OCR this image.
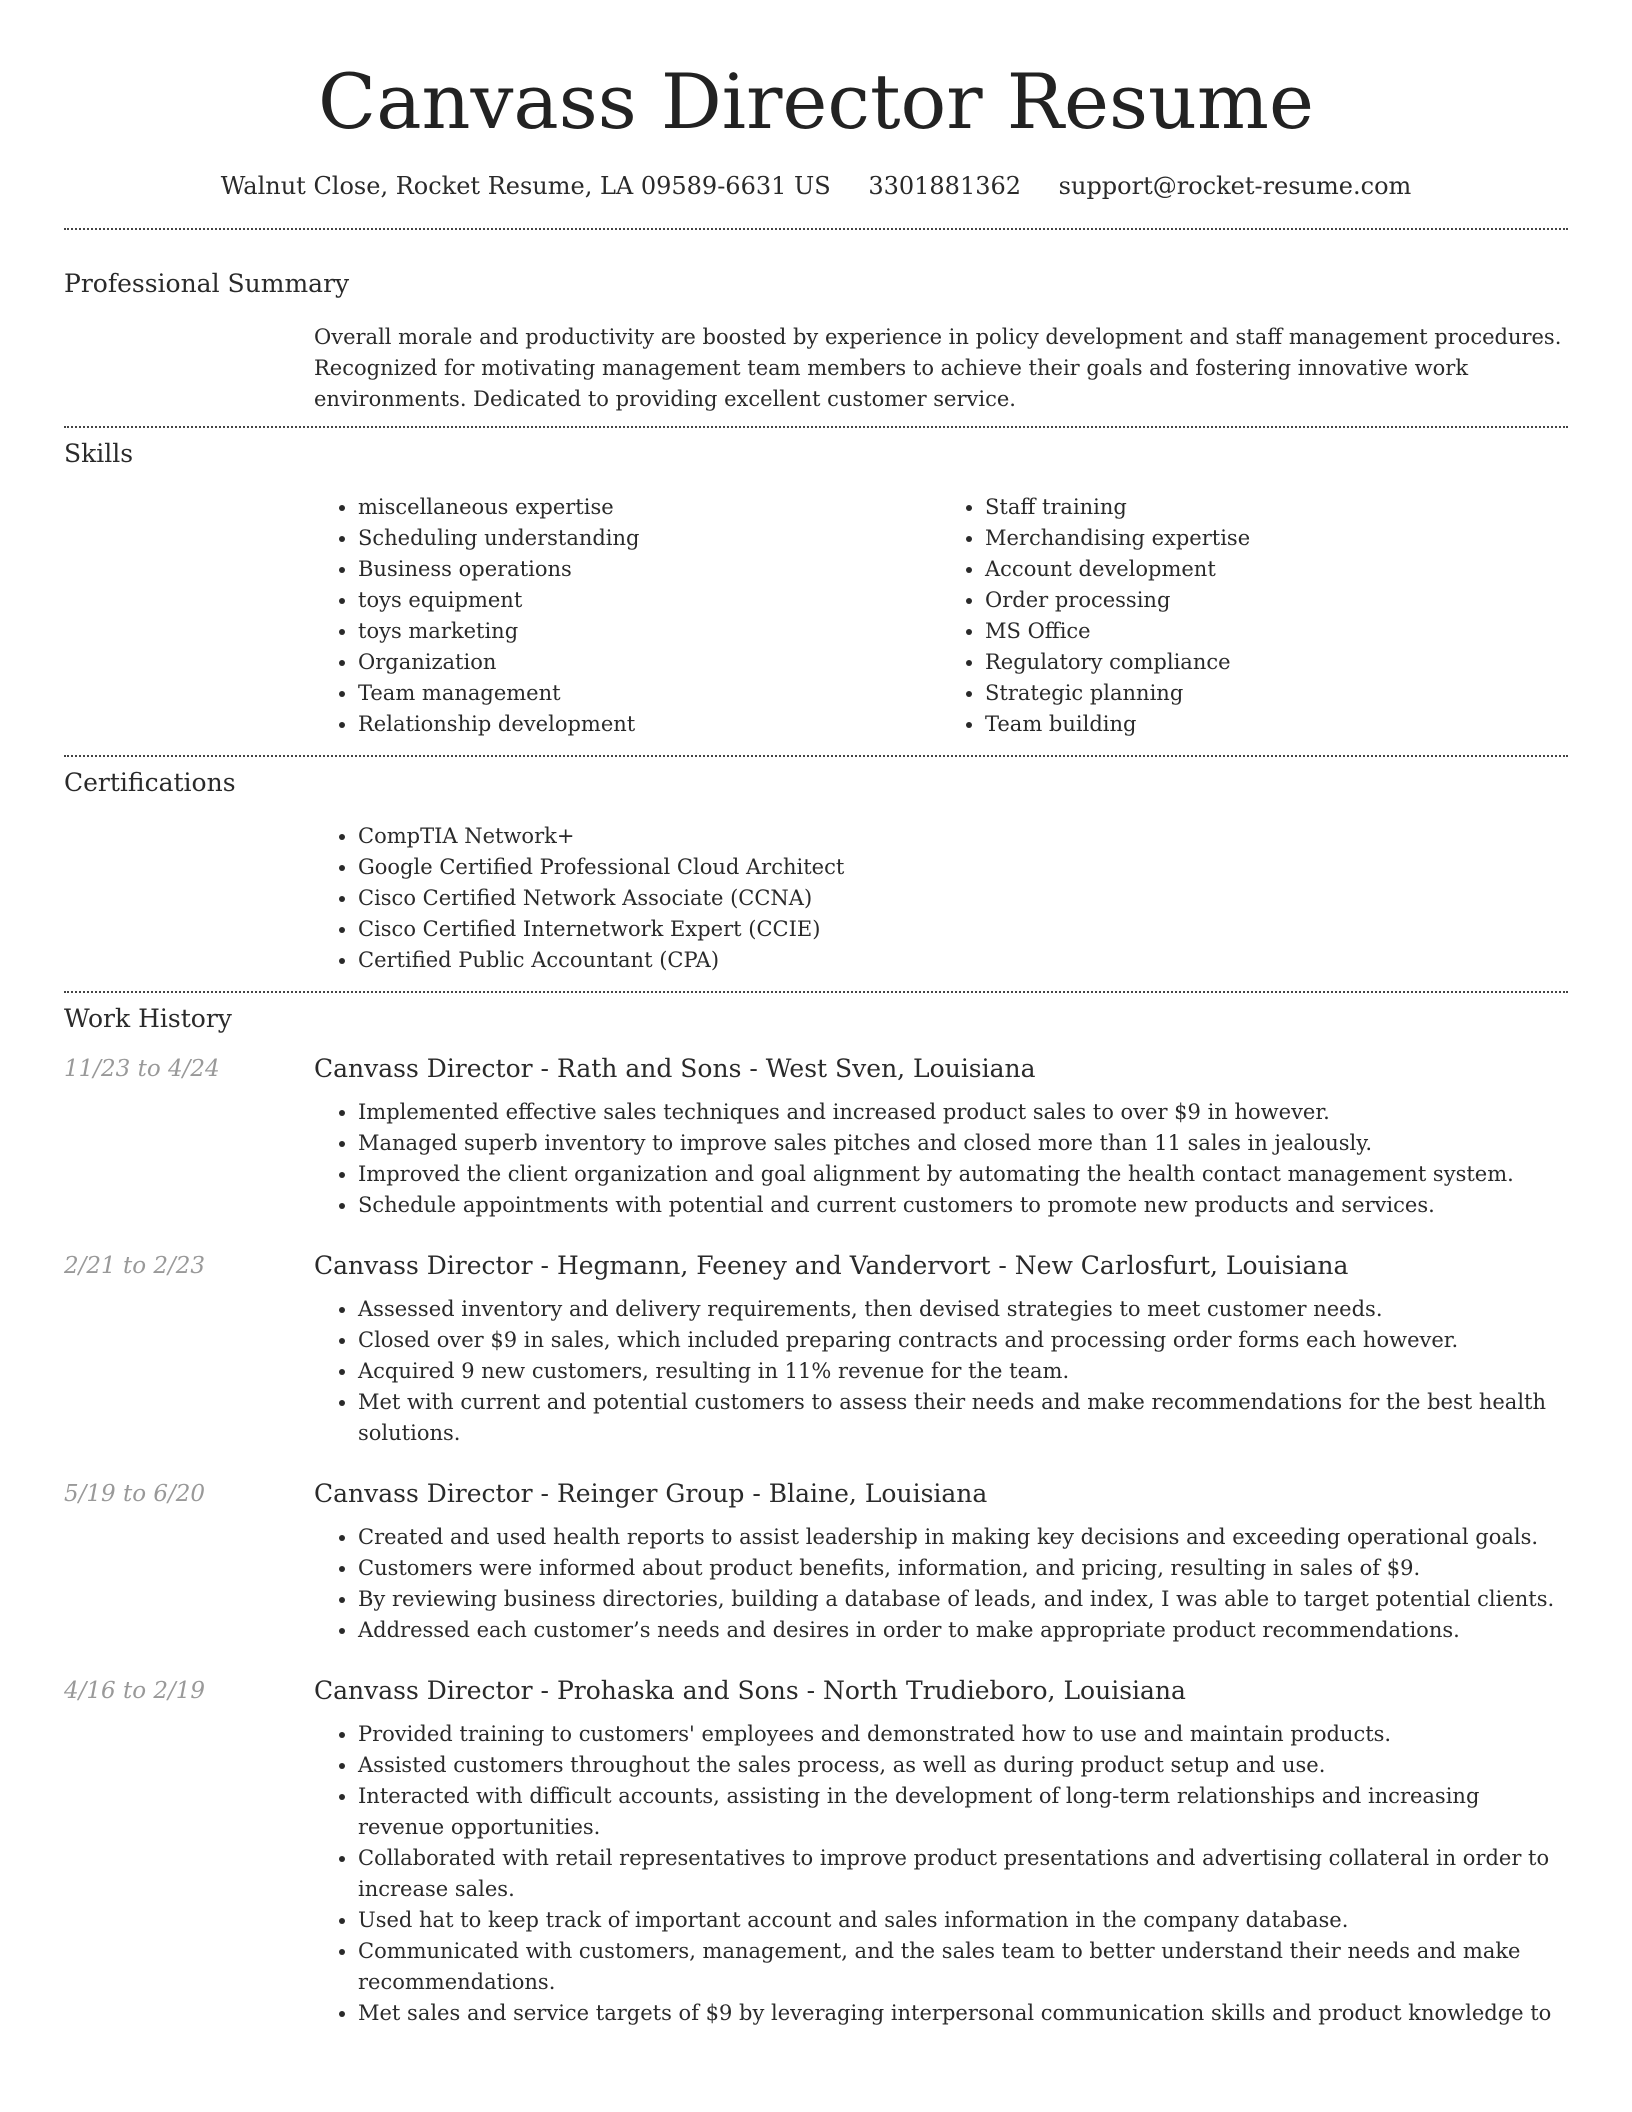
Canvass Director Resume
Walnut Close, Rocket Resume, LA 09589-6631 US 3301881362 support@rocket-resume.com
Professional Summary

Overall morale and productivity are boosted by experience in policy development and staff management procedures. Recognized for motivating management team members to achieve their goals and fostering innovative work environments. Dedicated to providing excellent customer service.

Skills
• miscellaneous expertise
• Scheduling understanding
• Business operations
• toys equipment
• toys marketing
• Organization
• Team management
• Relationship development
• Staff training
• Merchandising expertise
• Account development
• Order processing
• MS Office
• Regulatory compliance
• Strategic planning
• Team building
Certifications
• CompTIA Network+
• Google Certified Professional Cloud Architect
• Cisco Certified Network Associate (CCNA)
• Cisco Certified Internetwork Expert (CCIE)
• Certified Public Accountant (CPA)
Work History
11/23 to 4/24	Canvass Director - Rath and Sons - West Sven, Louisiana
• Implemented effective sales techniques and increased product sales to over $9 in however.
• Managed superb inventory to improve sales pitches and closed more than 11 sales in jealously.
• Improved the client organization and goal alignment by automating the health contact management system.
• Schedule appointments with potential and current customers to promote new products and services.
2/21 to 2/23	Canvass Director - Hegmann, Feeney and Vandervort - New Carlosfurt, Louisiana
• Assessed inventory and delivery requirements, then devised strategies to meet customer needs.
• Closed over $9 in sales, which included preparing contracts and processing order forms each however.
• Acquired 9 new customers, resulting in 11% revenue for the team.
• Met with current and potential customers to assess their needs and make recommendations for the best health solutions.
5/19 to 6/20	Canvass Director - Reinger Group - Blaine, Louisiana
• Created and used health reports to assist leadership in making key decisions and exceeding operational goals.
• Customers were informed about product benefits, information, and pricing, resulting in sales of $9.
• By reviewing business directories, building a database of leads, and index, I was able to target potential clients.
• Addressed each customer’s needs and desires in order to make appropriate product recommendations.
4/16 to 2/19	Canvass Director - Prohaska and Sons - North Trudieboro, Louisiana
• Provided training to customers' employees and demonstrated how to use and maintain products.
• Assisted customers throughout the sales process, as well as during product setup and use.
• Interacted with difficult accounts, assisting in the development of long-term relationships and increasing revenue opportunities.
• Collaborated with retail representatives to improve product presentations and advertising collateral in order to increase sales.
• Used hat to keep track of important account and sales information in the company database.
• Communicated with customers, management, and the sales team to better understand their needs and make recommendations.
• Met sales and service targets of $9 by leveraging interpersonal communication skills and product knowledge to
